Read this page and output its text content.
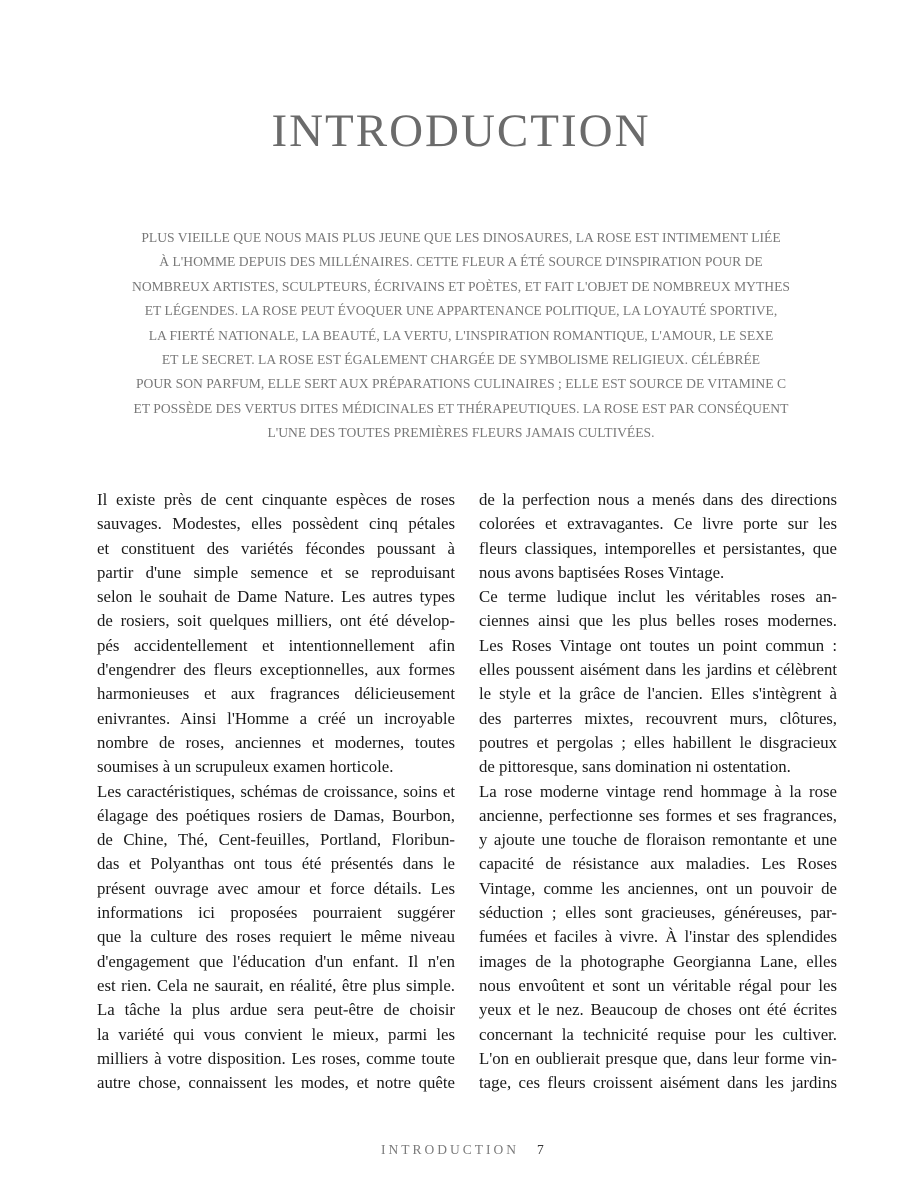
INTRODUCTION
PLUS VIEILLE QUE NOUS MAIS PLUS JEUNE QUE LES DINOSAURES, LA ROSE EST INTIMEMENT LIÉE
À L'HOMME DEPUIS DES MILLÉNAIRES. CETTE FLEUR A ÉTÉ SOURCE D'INSPIRATION POUR DE
NOMBREUX ARTISTES, SCULPTEURS, ÉCRIVAINS ET POÈTES, ET FAIT L'OBJET DE NOMBREUX MYTHES
ET LÉGENDES. LA ROSE PEUT ÉVOQUER UNE APPARTENANCE POLITIQUE, LA LOYAUTÉ SPORTIVE,
LA FIERTÉ NATIONALE, LA BEAUTÉ, LA VERTU, L'INSPIRATION ROMANTIQUE, L'AMOUR, LE SEXE
ET LE SECRET. LA ROSE EST ÉGALEMENT CHARGÉE DE SYMBOLISME RELIGIEUX. CÉLÉBRÉE
POUR SON PARFUM, ELLE SERT AUX PRÉPARATIONS CULINAIRES ; ELLE EST SOURCE DE VITAMINE C
ET POSSÈDE DES VERTUS DITES MÉDICINALES ET THÉRAPEUTIQUES. LA ROSE EST PAR CONSÉQUENT
L'UNE DES TOUTES PREMIÈRES FLEURS JAMAIS CULTIVÉES.
Il existe près de cent cinquante espèces de roses
sauvages. Modestes, elles possèdent cinq pétales
et constituent des variétés fécondes poussant à
partir d'une simple semence et se reproduisant
selon le souhait de Dame Nature. Les autres types
de rosiers, soit quelques milliers, ont été dévelop-
pés accidentellement et intentionnellement afin
d'engendrer des fleurs exceptionnelles, aux formes
harmonieuses et aux fragrances délicieusement
enivrantes. Ainsi l'Homme a créé un incroyable
nombre de roses, anciennes et modernes, toutes
soumises à un scrupuleux examen horticole.
Les caractéristiques, schémas de croissance, soins et
élagage des poétiques rosiers de Damas, Bourbon,
de Chine, Thé, Cent-feuilles, Portland, Floribun-
das et Polyanthas ont tous été présentés dans le
présent ouvrage avec amour et force détails. Les
informations ici proposées pourraient suggérer
que la culture des roses requiert le même niveau
d'engagement que l'éducation d'un enfant. Il n'en
est rien. Cela ne saurait, en réalité, être plus simple.
La tâche la plus ardue sera peut-être de choisir
la variété qui vous convient le mieux, parmi les
milliers à votre disposition. Les roses, comme toute
autre chose, connaissent les modes, et notre quête
de la perfection nous a menés dans des directions
colorées et extravagantes. Ce livre porte sur les
fleurs classiques, intemporelles et persistantes, que
nous avons baptisées Roses Vintage.
Ce terme ludique inclut les véritables roses an-
ciennes ainsi que les plus belles roses modernes.
Les Roses Vintage ont toutes un point commun :
elles poussent aisément dans les jardins et célèbrent
le style et la grâce de l'ancien. Elles s'intègrent à
des parterres mixtes, recouvrent murs, clôtures,
poutres et pergolas ; elles habillent le disgracieux
de pittoresque, sans domination ni ostentation.
La rose moderne vintage rend hommage à la rose
ancienne, perfectionne ses formes et ses fragrances,
y ajoute une touche de floraison remontante et une
capacité de résistance aux maladies. Les Roses
Vintage, comme les anciennes, ont un pouvoir de
séduction ; elles sont gracieuses, généreuses, par-
fumées et faciles à vivre. À l'instar des splendides
images de la photographe Georgianna Lane, elles
nous envoûtent et sont un véritable régal pour les
yeux et le nez. Beaucoup de choses ont été écrites
concernant la technicité requise pour les cultiver.
L'on en oublierait presque que, dans leur forme vin-
tage, ces fleurs croissent aisément dans les jardins
INTRODUCTION 7
